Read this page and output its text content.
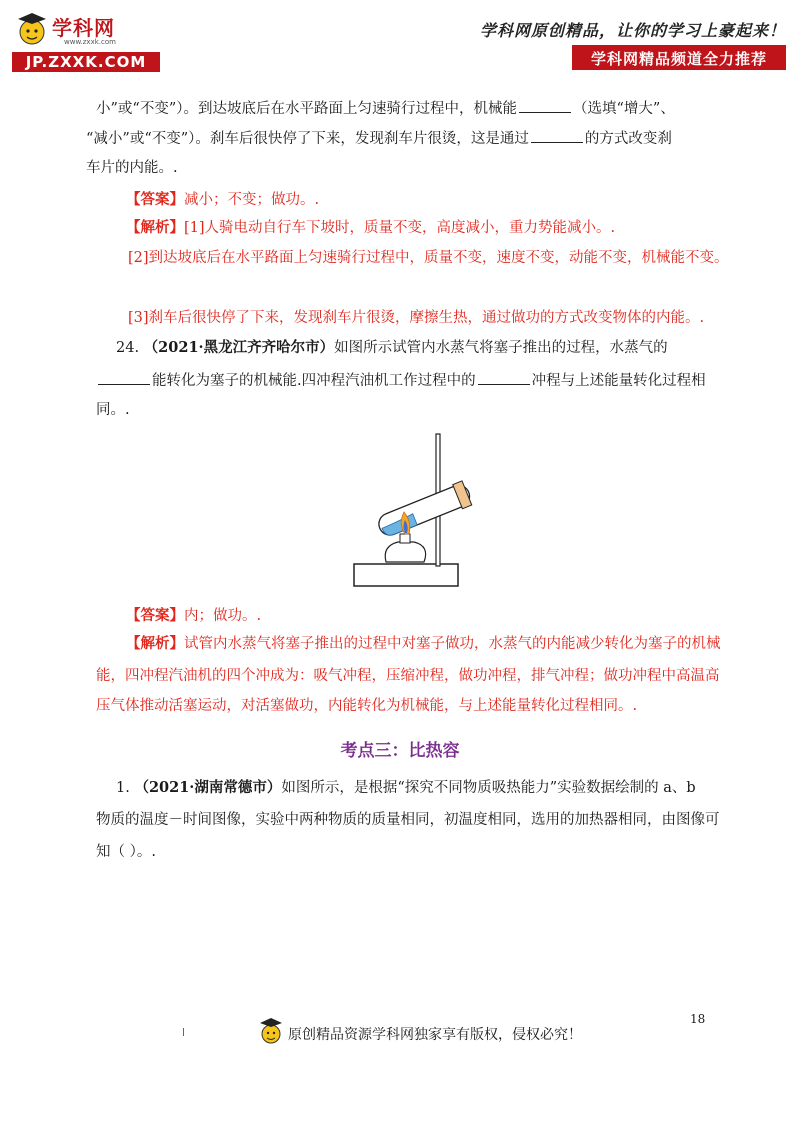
学科网
www.zxxk.com
JP.ZXXK.COM
学科网原创精品，让你的学习上豪起来！
学科网精品频道全力推荐
小”或“不变”）。到达坡底后在水平路面上匀速骑行过程中，机械能	（选填“增大”、
“减小”或“不变”）。刹车后很快停了下来，发现刹车片很烫，这是通过	的方式改变刹
车片的内能。.
【答案】减小；不变；做功。.
【解析】[1]人骑电动自行车下坡时，质量不变，高度减小，重力势能减小。.
[2]到达坡底后在水平路面上匀速骑行过程中，质量不变，速度不变，动能不变，机械能不变。
[3]刹车后很快停了下来，发现刹车片很烫，摩擦生热，通过做功的方式改变物体的内能。.
24. （2021·黑龙江齐齐哈尔市）如图所示试管内水蒸气将塞子推出的过程，水蒸气的
能转化为塞子的机械能.四冲程汽油机工作过程中的	冲程与上述能量转化过程相
同。.
【答案】内；做功。.
【解析】试管内水蒸气将塞子推出的过程中对塞子做功，水蒸气的内能减少转化为塞子的机械
能，四冲程汽油机的四个冲成为：吸气冲程，压缩冲程，做功冲程，排气冲程；做功冲程中高温高
压气体推动活塞运动，对活塞做功，内能转化为机械能，与上述能量转化过程相同。.
考点三：比热容
1. （2021·湖南常德市）如图所示，是根据“探究不同物质吸热能力”实验数据绘制的 a、b
物质的温度－时间图像，实验中两种物质的质量相同，初温度相同，选用的加热器相同，由图像可
知（ ）。.
18
原创精品资源学科网独家享有版权，侵权必究！
